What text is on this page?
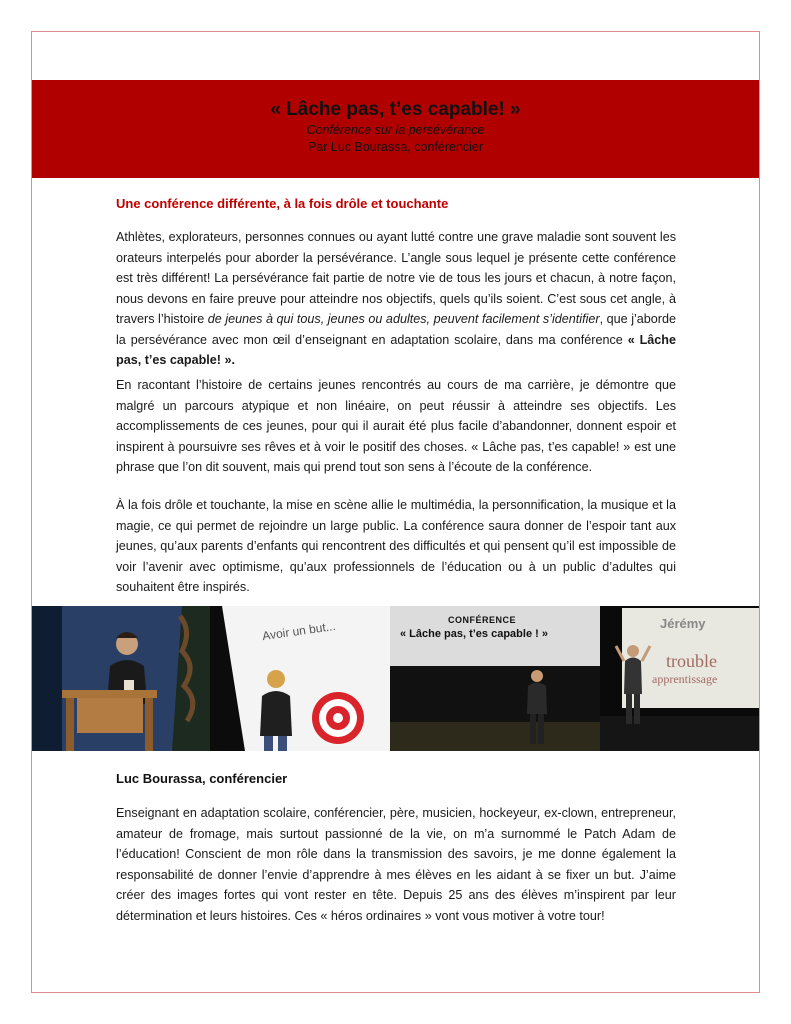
« Lâche pas, t’es capable! »
Conférence sur la persévérance
Par Luc Bourassa, conférencier
Une conférence différente, à la fois drôle et touchante

Athlètes, explorateurs, personnes connues ou ayant lutté contre une grave maladie sont souvent les orateurs interpelés pour aborder la persévérance. L’angle sous lequel je présente cette conférence est très différent! La persévérance fait partie de notre vie de tous les jours et chacun, à notre façon, nous devons en faire preuve pour atteindre nos objectifs, quels qu’ils soient. C’est sous cet angle, à travers l’histoire de jeunes à qui tous, jeunes ou adultes, peuvent facilement s’identifier, que j’aborde la persévérance avec mon œil d’enseignant en adaptation scolaire, dans ma conférence « Lâche pas, t’es capable! ».

En racontant l’histoire de certains jeunes rencontrés au cours de ma carrière, je démontre que malgré un parcours atypique et non linéaire, on peut réussir à atteindre ses objectifs. Les accomplissements de ces jeunes, pour qui il aurait été plus facile d’abandonner, donnent espoir et inspirent à poursuivre ses rêves et à voir le positif des choses. « Lâche pas, t’es capable! » est une phrase que l’on dit souvent, mais qui prend tout son sens à l’écoute de la conférence.

À la fois drôle et touchante, la mise en scène allie le multimédia, la personnification, la musique et la magie, ce qui permet de rejoindre un large public. La conférence saura donner de l’espoir tant aux jeunes, qu’aux parents d’enfants qui rencontrent des difficultés et qui pensent qu’il est impossible de voir l’avenir avec optimisme, qu’aux professionnels de l’éducation ou à un public d’adultes qui souhaitent être inspirés.

Avoir un but...	CONFÉRENCE
« Lâche pas, t’es capable ! »
Jérémy
trouble
apprentissage
Luc Bourassa, conférencier

Enseignant en adaptation scolaire, conférencier, père, musicien, hockeyeur, ex-clown, entrepreneur, amateur de fromage, mais surtout passionné de la vie, on m’a surnommé le Patch Adam de l’éducation! Conscient de mon rôle dans la transmission des savoirs, je me donne également la responsabilité de donner l’envie d’apprendre à mes élèves en les aidant à se fixer un but. J’aime créer des images fortes qui vont rester en tête. Depuis 25 ans des élèves m’inspirent par leur détermination et leurs histoires. Ces « héros ordinaires » vont vous motiver à votre tour!
